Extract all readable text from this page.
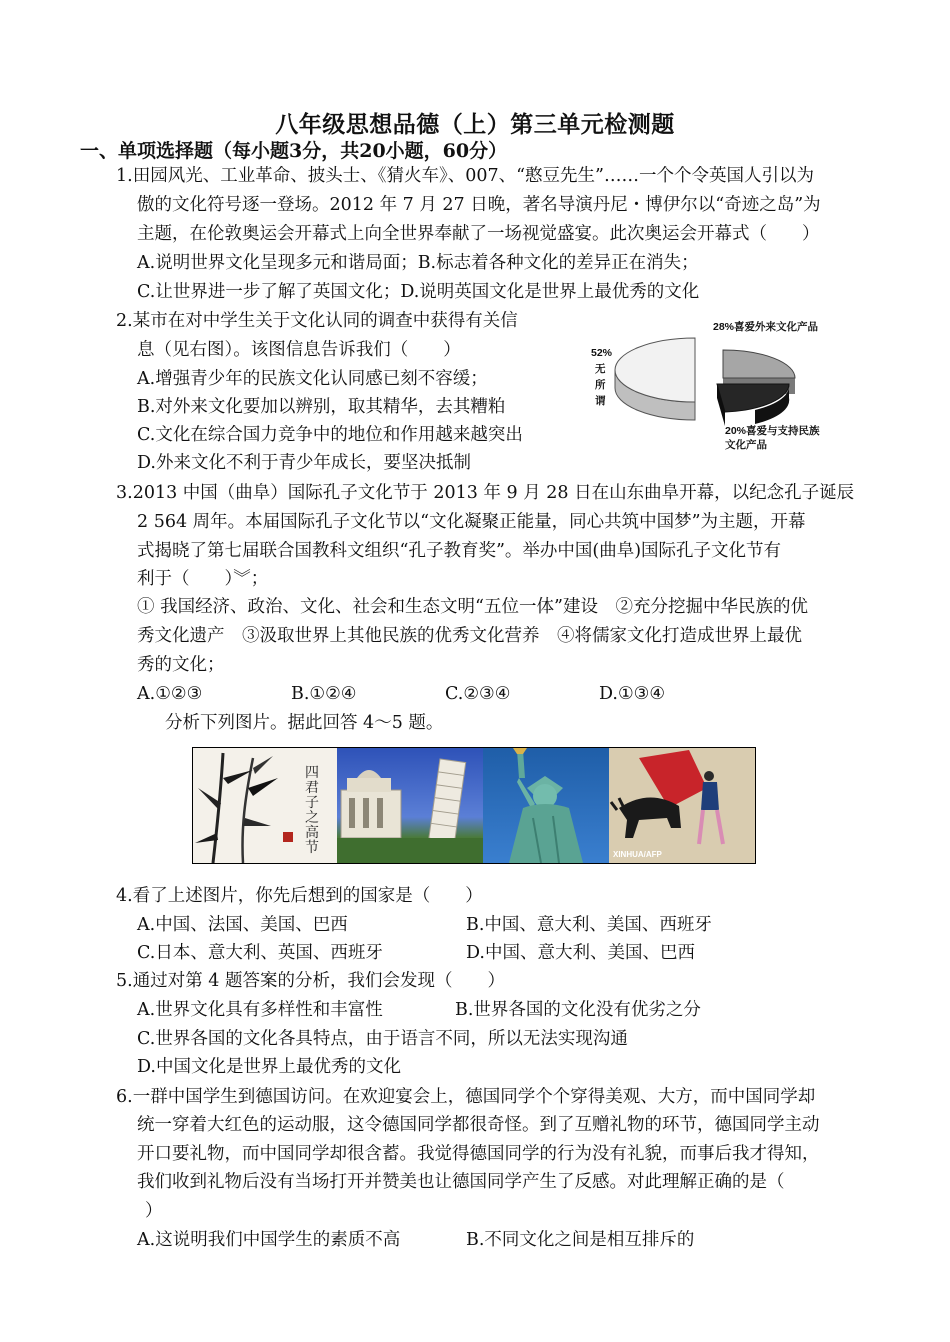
八年级思想品德（上）第三单元检测题
一、单项选择题（每小题3分，共20小题，60分）
1.田园风光、工业革命、披头士、《猜火车》、007、“憨豆先生”……一个个令英国人引以为
傲的文化符号逐一登场。2012 年 7 月 27 日晚，著名导演丹尼・博伊尔以“奇迹之岛”为
主题，在伦敦奥运会开幕式上向全世界奉献了一场视觉盛宴。此次奥运会开幕式（　　）
A.说明世界文化呈现多元和谐局面；B.标志着各种文化的差异正在消失；
C.让世界进一步了解了英国文化；D.说明英国文化是世界上最优秀的文化
2.某市在对中学生关于文化认同的调查中获得有关信
息（见右图）。该图信息告诉我们（　　）
A.增强青少年的民族文化认同感已刻不容缓；
B.对外来文化要加以辨别，取其精华，去其糟粕
C.文化在综合国力竞争中的地位和作用越来越突出
D.外来文化不利于青少年成长，要坚决抵制
52%
无
所
谓
28%喜爱外来文化产品
20%喜爱与支持民族
文化产品
3.2013 中国（曲阜）国际孔子文化节于 2013 年 9 月 28 日在山东曲阜开幕，以纪念孔子诞辰
2 564 周年。本届国际孔子文化节以“文化凝聚正能量，同心共筑中国梦”为主题，开幕
式揭晓了第七届联合国教科文组织“孔子教育奖”。举办中国(曲阜)国际孔子文化节有
利于（　　）︾；
① 我国经济、政治、文化、社会和生态文明“五位一体”建设　②充分挖掘中华民族的优
秀文化遗产　③汲取世界上其他民族的优秀文化营养　④将儒家文化打造成世界上最优
秀的文化；
A.①②③	B.①②④	C.②③④	D.①③④
分析下列图片。据此回答 4～5 题。
四君子之高节	XINHUA/AFP
4.看了上述图片，你先后想到的国家是（　　）
A.中国、法国、美国、巴西	B.中国、意大利、美国、西班牙
C.日本、意大利、英国、西班牙	D.中国、意大利、美国、巴西
5.通过对第 4 题答案的分析，我们会发现（　　）
A.世界文化具有多样性和丰富性	B.世界各国的文化没有优劣之分
C.世界各国的文化各具特点，由于语言不同，所以无法实现沟通
D.中国文化是世界上最优秀的文化
6.一群中国学生到德国访问。在欢迎宴会上，德国同学个个穿得美观、大方，而中国同学却
统一穿着大红色的运动服，这令德国同学都很奇怪。到了互赠礼物的环节，德国同学主动
开口要礼物，而中国同学却很含蓄。我觉得德国同学的行为没有礼貌，而事后我才得知，
我们收到礼物后没有当场打开并赞美也让德国同学产生了反感。对此理解正确的是（
）
A.这说明我们中国学生的素质不高	B.不同文化之间是相互排斥的
